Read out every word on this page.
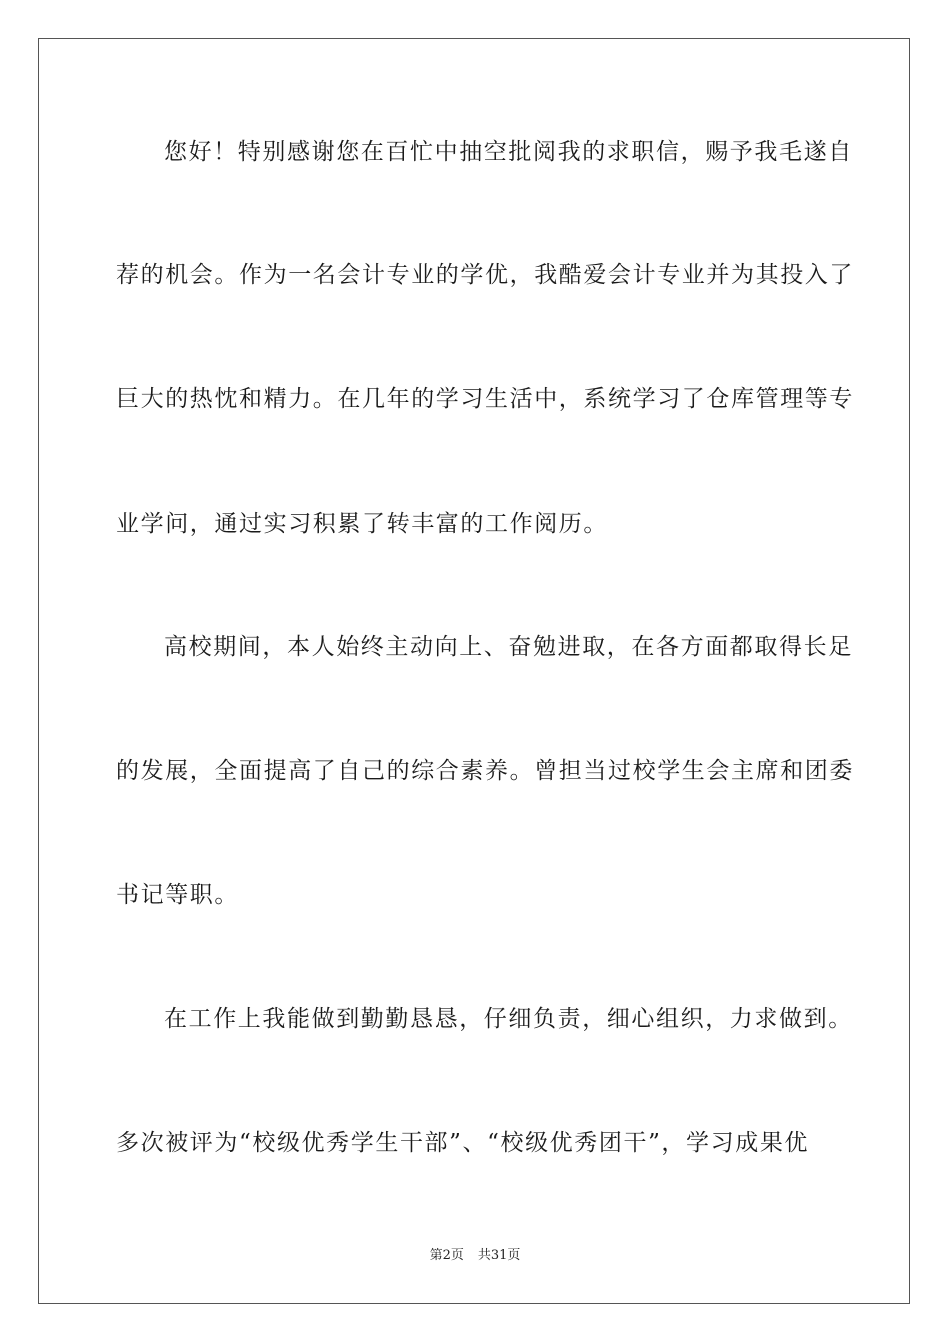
您好！特别感谢您在百忙中抽空批阅我的求职信，赐予我毛遂自
荐的机会。作为一名会计专业的学优，我酷爱会计专业并为其投入了
巨大的热忱和精力。在几年的学习生活中，系统学习了仓库管理等专
业学问，通过实习积累了转丰富的工作阅历。
高校期间，本人始终主动向上、奋勉进取，在各方面都取得长足
的发展，全面提高了自己的综合素养。曾担当过校学生会主席和团委
书记等职。
在工作上我能做到勤勤恳恳，仔细负责，细心组织，力求做到。
多次被评为“校级优秀学生干部”、“校级优秀团干”，学习成果优
第2页 共31页
